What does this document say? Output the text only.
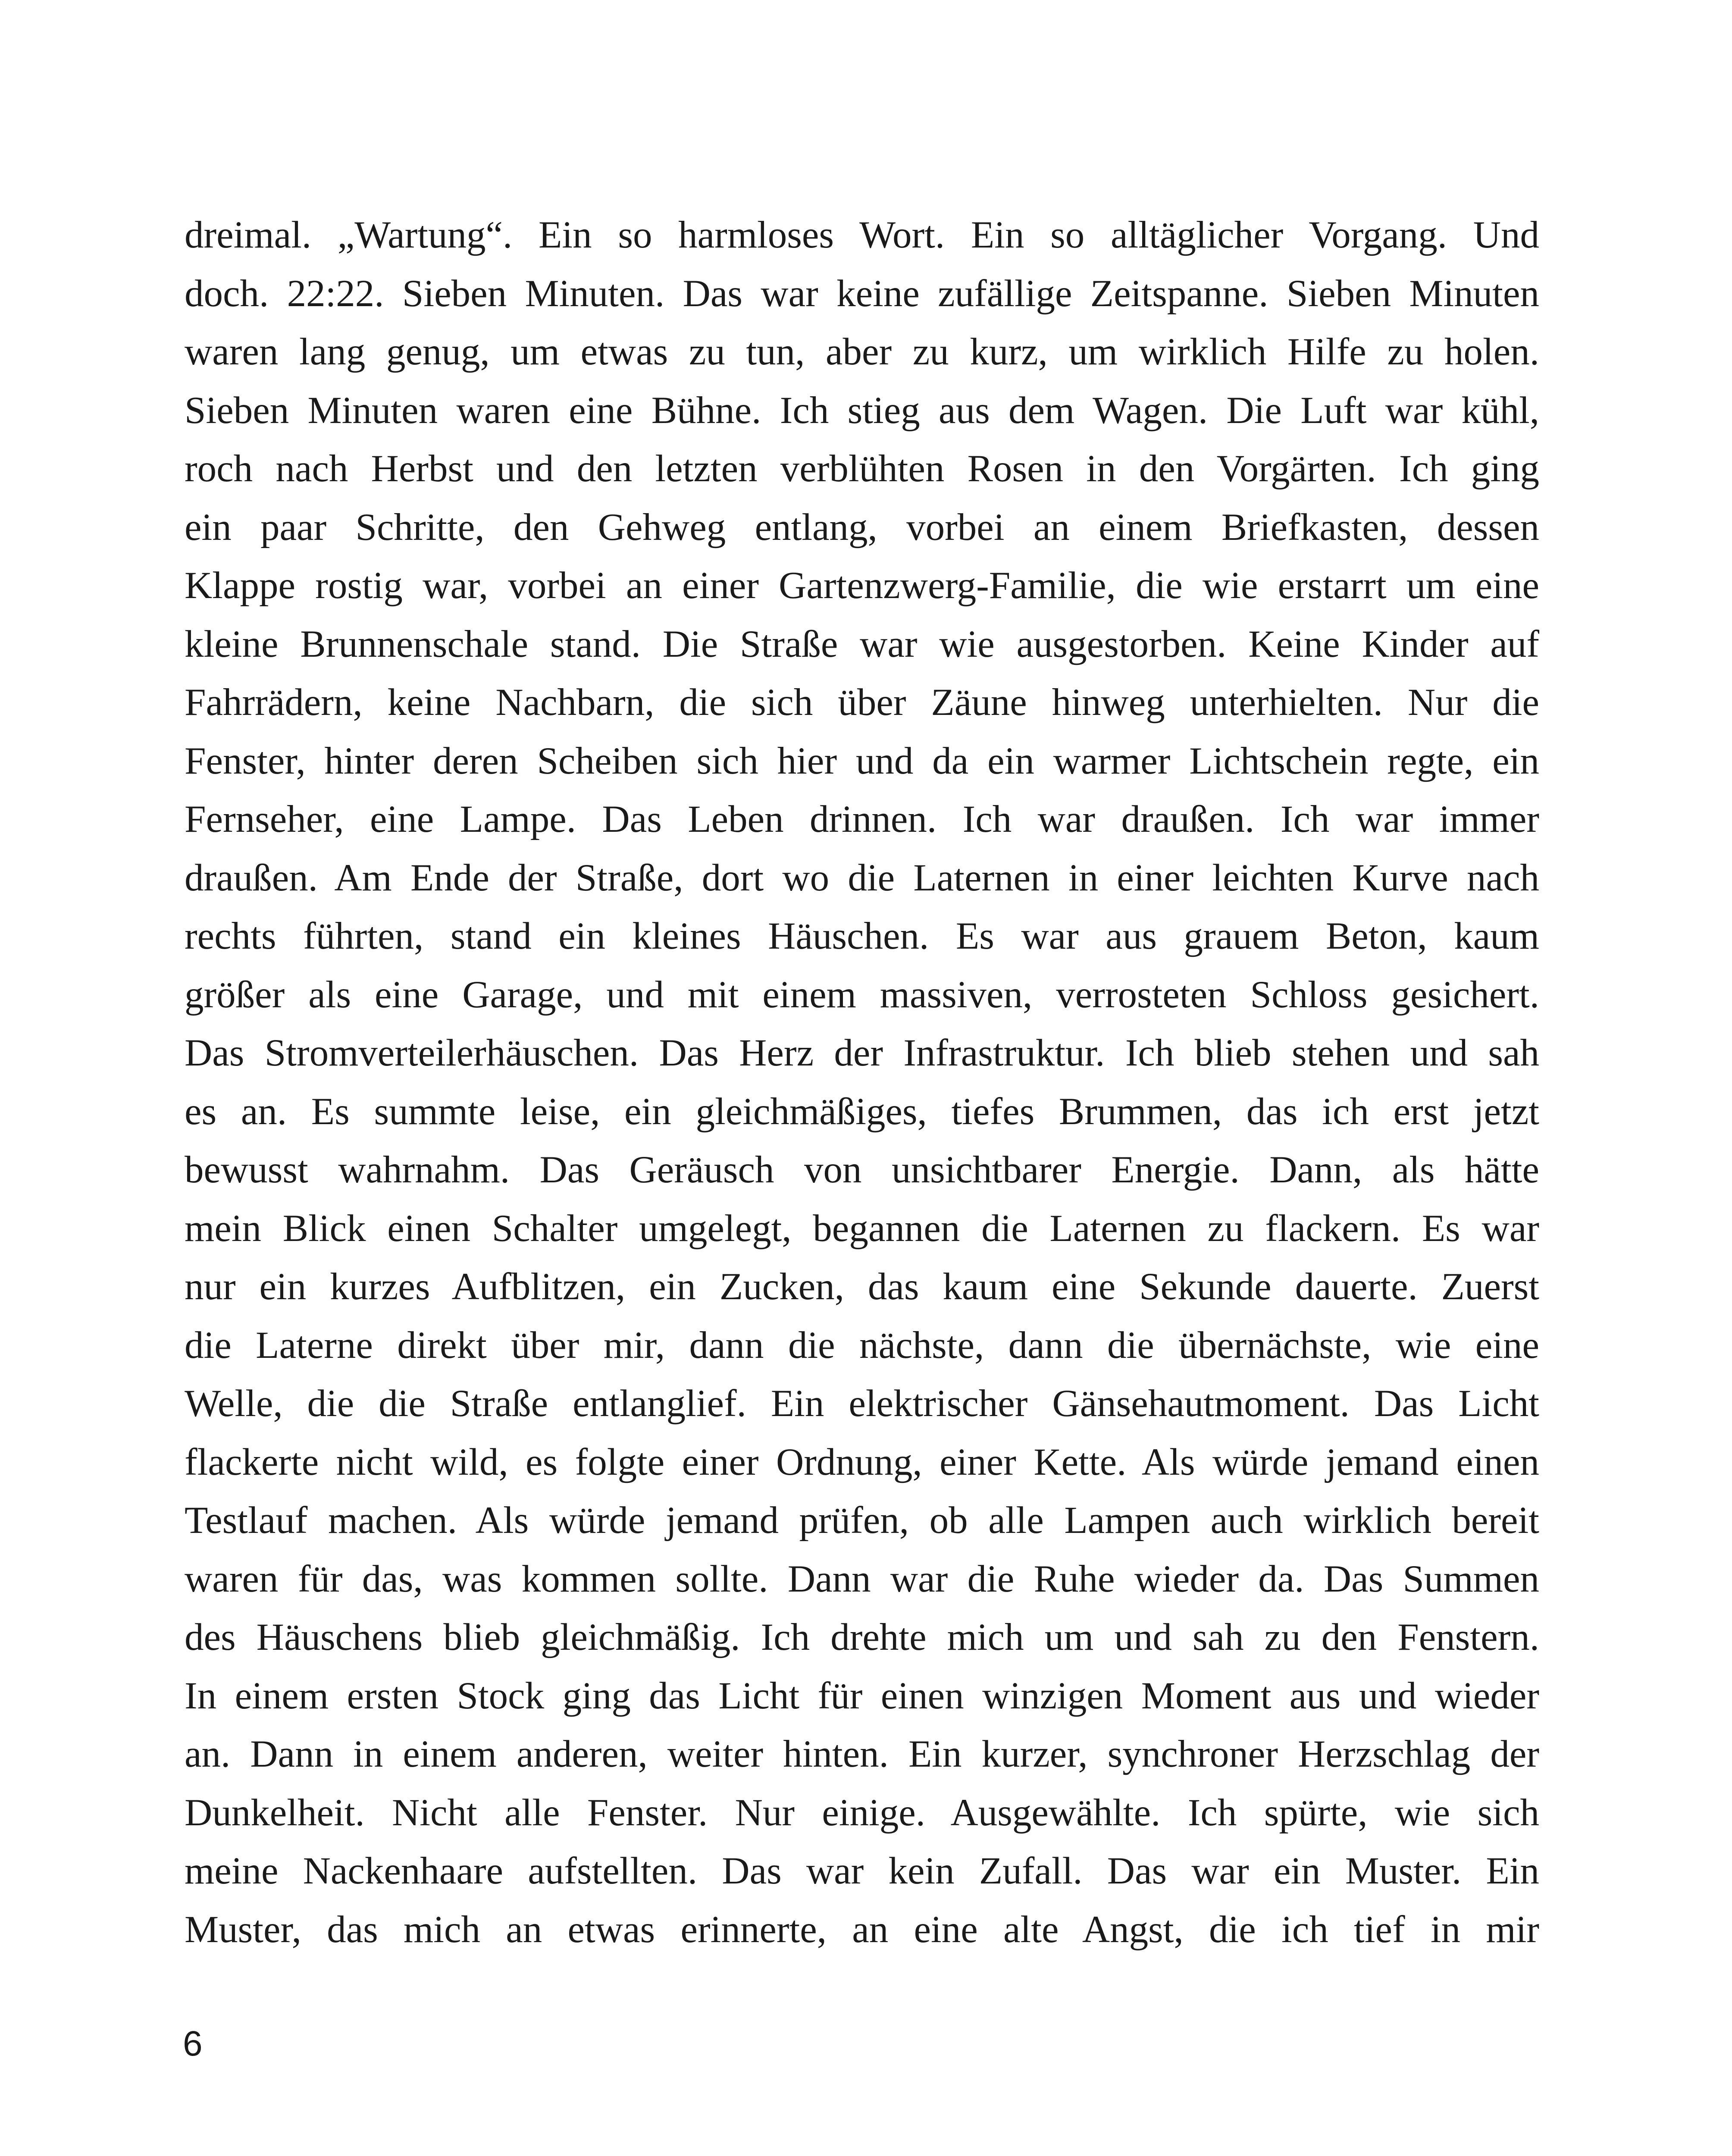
dreimal. „Wartung“. Ein so harmloses Wort. Ein so alltäglicher Vorgang. Und
doch. 22:22. Sieben Minuten. Das war keine zufällige Zeitspanne. Sieben Minuten
waren lang genug, um etwas zu tun, aber zu kurz, um wirklich Hilfe zu holen.
Sieben Minuten waren eine Bühne. Ich stieg aus dem Wagen. Die Luft war kühl,
roch nach Herbst und den letzten verblühten Rosen in den Vorgärten. Ich ging
ein paar Schritte, den Gehweg entlang, vorbei an einem Briefkasten, dessen
Klappe rostig war, vorbei an einer Gartenzwerg-Familie, die wie erstarrt um eine
kleine Brunnenschale stand. Die Straße war wie ausgestorben. Keine Kinder auf
Fahrrädern, keine Nachbarn, die sich über Zäune hinweg unterhielten. Nur die
Fenster, hinter deren Scheiben sich hier und da ein warmer Lichtschein regte, ein
Fernseher, eine Lampe. Das Leben drinnen. Ich war draußen. Ich war immer
draußen. Am Ende der Straße, dort wo die Laternen in einer leichten Kurve nach
rechts führten, stand ein kleines Häuschen. Es war aus grauem Beton, kaum
größer als eine Garage, und mit einem massiven, verrosteten Schloss gesichert.
Das Stromverteilerhäuschen. Das Herz der Infrastruktur. Ich blieb stehen und sah
es an. Es summte leise, ein gleichmäßiges, tiefes Brummen, das ich erst jetzt
bewusst wahrnahm. Das Geräusch von unsichtbarer Energie. Dann, als hätte
mein Blick einen Schalter umgelegt, begannen die Laternen zu flackern. Es war
nur ein kurzes Aufblitzen, ein Zucken, das kaum eine Sekunde dauerte. Zuerst
die Laterne direkt über mir, dann die nächste, dann die übernächste, wie eine
Welle, die die Straße entlanglief. Ein elektrischer Gänsehautmoment. Das Licht
flackerte nicht wild, es folgte einer Ordnung, einer Kette. Als würde jemand einen
Testlauf machen. Als würde jemand prüfen, ob alle Lampen auch wirklich bereit
waren für das, was kommen sollte. Dann war die Ruhe wieder da. Das Summen
des Häuschens blieb gleichmäßig. Ich drehte mich um und sah zu den Fenstern.
In einem ersten Stock ging das Licht für einen winzigen Moment aus und wieder
an. Dann in einem anderen, weiter hinten. Ein kurzer, synchroner Herzschlag der
Dunkelheit. Nicht alle Fenster. Nur einige. Ausgewählte. Ich spürte, wie sich
meine Nackenhaare aufstellten. Das war kein Zufall. Das war ein Muster. Ein
Muster, das mich an etwas erinnerte, an eine alte Angst, die ich tief in mir
6
